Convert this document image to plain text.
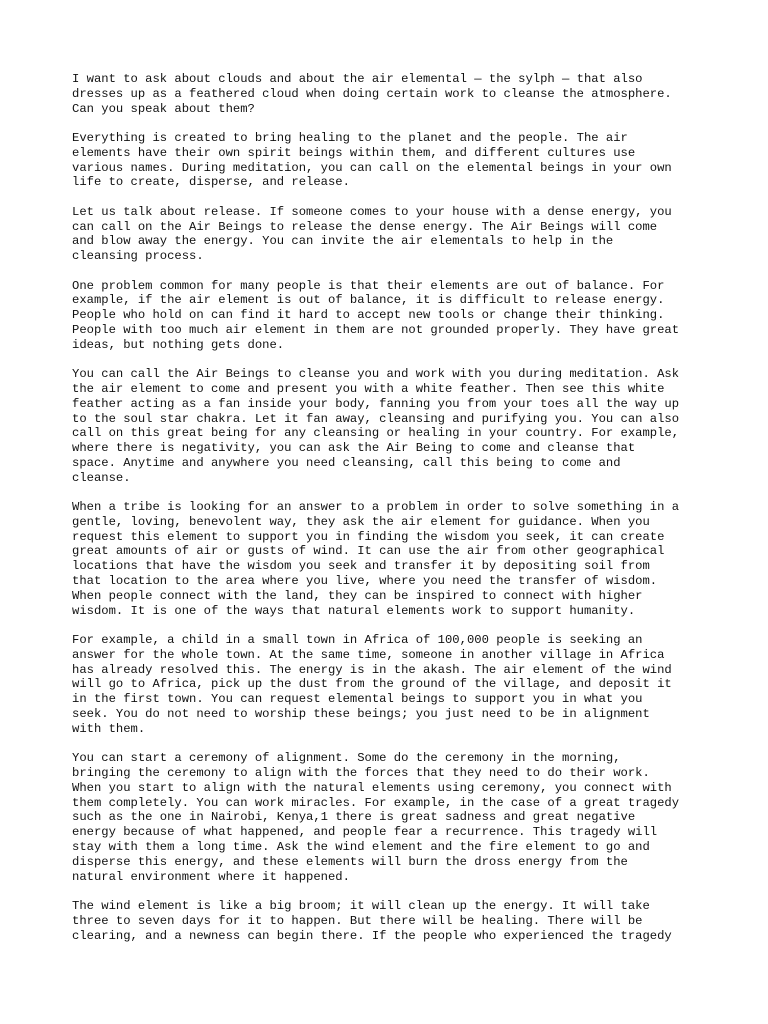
I want to ask about clouds and about the air elemental — the sylph — that also
dresses up as a feathered cloud when doing certain work to cleanse the atmosphere.
Can you speak about them?

Everything is created to bring healing to the planet and the people. The air
elements have their own spirit beings within them, and different cultures use
various names. During meditation, you can call on the elemental beings in your own
life to create, disperse, and release.

Let us talk about release. If someone comes to your house with a dense energy, you
can call on the Air Beings to release the dense energy. The Air Beings will come
and blow away the energy. You can invite the air elementals to help in the
cleansing process.

One problem common for many people is that their elements are out of balance. For
example, if the air element is out of balance, it is difficult to release energy.
People who hold on can find it hard to accept new tools or change their thinking.
People with too much air element in them are not grounded properly. They have great
ideas, but nothing gets done.

You can call the Air Beings to cleanse you and work with you during meditation. Ask
the air element to come and present you with a white feather. Then see this white
feather acting as a fan inside your body, fanning you from your toes all the way up
to the soul star chakra. Let it fan away, cleansing and purifying you. You can also
call on this great being for any cleansing or healing in your country. For example,
where there is negativity, you can ask the Air Being to come and cleanse that
space. Anytime and anywhere you need cleansing, call this being to come and
cleanse.

When a tribe is looking for an answer to a problem in order to solve something in a
gentle, loving, benevolent way, they ask the air element for guidance. When you
request this element to support you in finding the wisdom you seek, it can create
great amounts of air or gusts of wind. It can use the air from other geographical
locations that have the wisdom you seek and transfer it by depositing soil from
that location to the area where you live, where you need the transfer of wisdom.
When people connect with the land, they can be inspired to connect with higher
wisdom. It is one of the ways that natural elements work to support humanity.

For example, a child in a small town in Africa of 100,000 people is seeking an
answer for the whole town. At the same time, someone in another village in Africa
has already resolved this. The energy is in the akash. The air element of the wind
will go to Africa, pick up the dust from the ground of the village, and deposit it
in the first town. You can request elemental beings to support you in what you
seek. You do not need to worship these beings; you just need to be in alignment
with them.

You can start a ceremony of alignment. Some do the ceremony in the morning,
bringing the ceremony to align with the forces that they need to do their work.
When you start to align with the natural elements using ceremony, you connect with
them completely. You can work miracles. For example, in the case of a great tragedy
such as the one in Nairobi, Kenya,1 there is great sadness and great negative
energy because of what happened, and people fear a recurrence. This tragedy will
stay with them a long time. Ask the wind element and the fire element to go and
disperse this energy, and these elements will burn the dross energy from the
natural environment where it happened.

The wind element is like a big broom; it will clean up the energy. It will take
three to seven days for it to happen. But there will be healing. There will be
clearing, and a newness can begin there. If the people who experienced the tragedy
